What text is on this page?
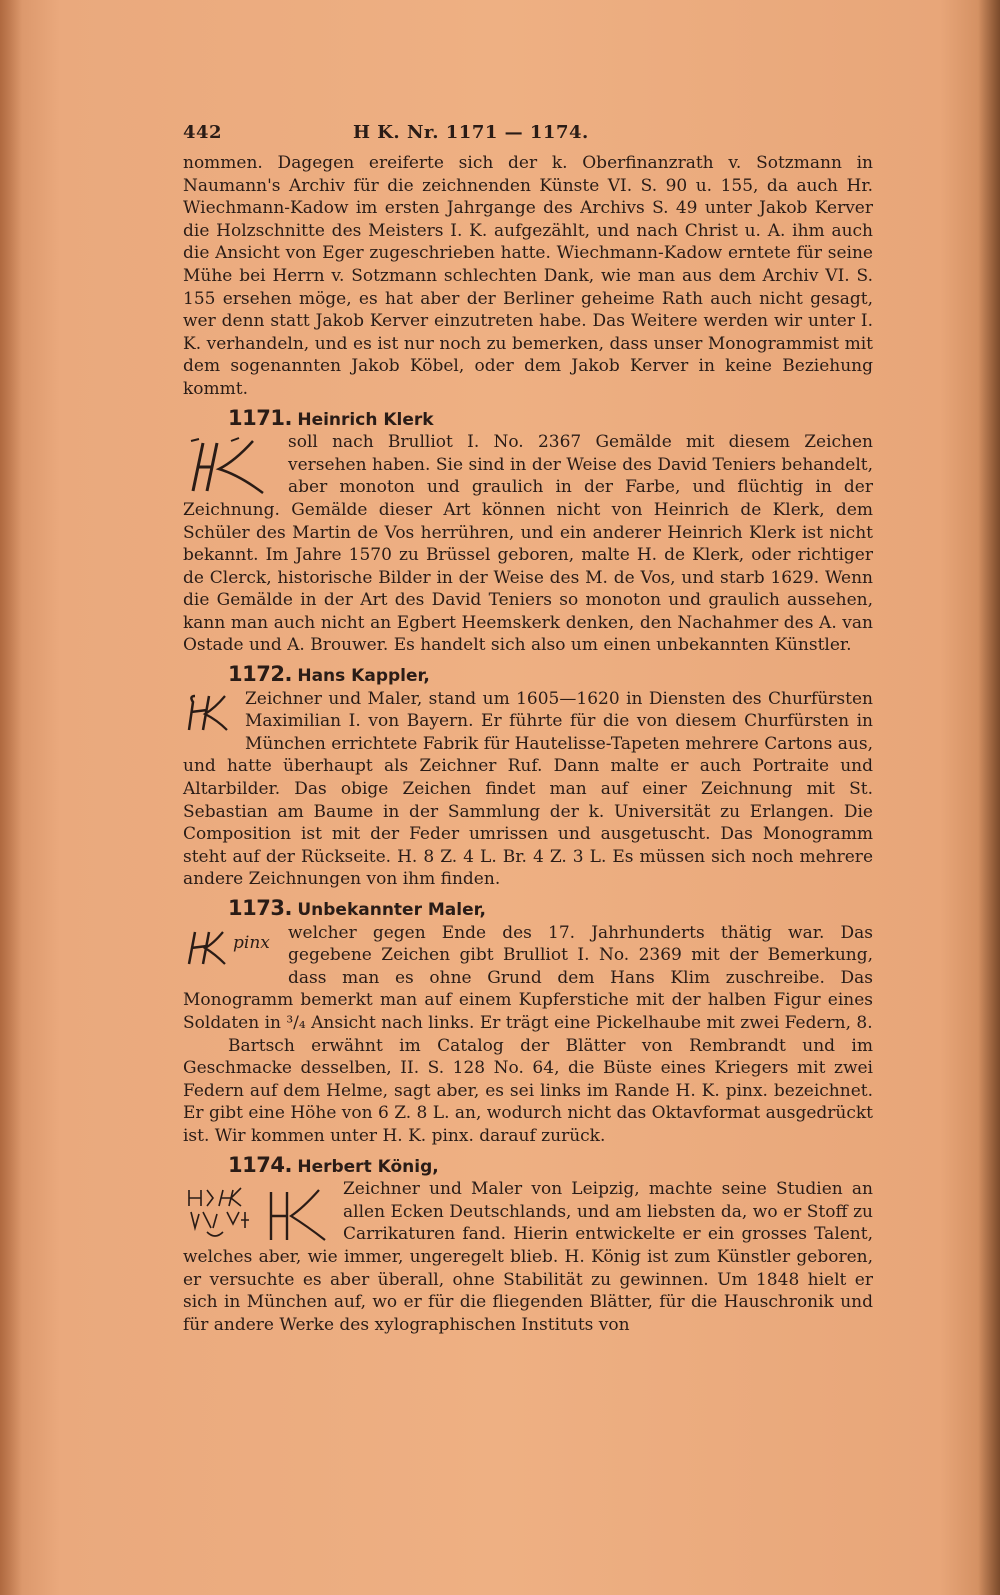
442	H K. Nr. 1171 — 1174.

nommen. Dagegen ereiferte sich der k. Oberfinanzrath v. Sotzmann in Naumann's Archiv für die zeichnenden Künste VI. S. 90 u. 155, da auch Hr. Wiechmann-Kadow im ersten Jahrgange des Archivs S. 49 unter Jakob Kerver die Holzschnitte des Meisters I. K. aufgezählt, und nach Christ u. A. ihm auch die Ansicht von Eger zugeschrieben hatte. Wiechmann-Kadow erntete für seine Mühe bei Herrn v. Sotzmann schlechten Dank, wie man aus dem Archiv VI. S. 155 ersehen möge, es hat aber der Berliner geheime Rath auch nicht gesagt, wer denn statt Jakob Kerver einzutreten habe. Das Weitere werden wir unter I. K. verhandeln, und es ist nur noch zu bemerken, dass unser Monogrammist mit dem sogenannten Jakob Köbel, oder dem Jakob Kerver in keine Beziehung kommt.

1171. Heinrich Klerk

soll nach Brulliot I. No. 2367 Gemälde mit diesem Zeichen versehen haben. Sie sind in der Weise des David Teniers behandelt, aber monoton und graulich in der Farbe, und flüchtig in der Zeichnung. Gemälde dieser Art können nicht von Heinrich de Klerk, dem Schüler des Martin de Vos herrühren, und ein anderer Heinrich Klerk ist nicht bekannt. Im Jahre 1570 zu Brüssel geboren, malte H. de Klerk, oder richtiger de Clerck, historische Bilder in der Weise des M. de Vos, und starb 1629. Wenn die Gemälde in der Art des David Teniers so monoton und graulich aussehen, kann man auch nicht an Egbert Heemskerk denken, den Nachahmer des A. van Ostade und A. Brouwer. Es handelt sich also um einen unbekannten Künstler.

1172. Hans Kappler,

Zeichner und Maler, stand um 1605—1620 in Diensten des Churfürsten Maximilian I. von Bayern. Er führte für die von diesem Churfürsten in München errichtete Fabrik für Hautelisse-Tapeten mehrere Cartons aus, und hatte überhaupt als Zeichner Ruf. Dann malte er auch Portraite und Altarbilder. Das obige Zeichen findet man auf einer Zeichnung mit St. Sebastian am Baume in der Sammlung der k. Universität zu Erlangen. Die Composition ist mit der Feder umrissen und ausgetuscht. Das Monogramm steht auf der Rückseite. H. 8 Z. 4 L. Br. 4 Z. 3 L. Es müssen sich noch mehrere andere Zeichnungen von ihm finden.

1173. Unbekannter Maler,
pinx	welcher gegen Ende des 17. Jahrhunderts thätig war. Das gegebene Zeichen gibt Brulliot I. No. 2369 mit der Bemerkung, dass man es ohne Grund dem Hans Klim zuschreibe. Das Monogramm bemerkt man auf einem Kupferstiche mit der halben Figur eines Soldaten in ³/₄ Ansicht nach links. Er trägt eine Pickelhaube mit zwei Federn, 8.

Bartsch erwähnt im Catalog der Blätter von Rembrandt und im Geschmacke desselben, II. S. 128 No. 64, die Büste eines Kriegers mit zwei Federn auf dem Helme, sagt aber, es sei links im Rande H. K. pinx. bezeichnet. Er gibt eine Höhe von 6 Z. 8 L. an, wodurch nicht das Oktavformat ausgedrückt ist. Wir kommen unter H. K. pinx. darauf zurück.

1174. Herbert König,

Zeichner und Maler von Leipzig, machte seine Studien an allen Ecken Deutschlands, und am liebsten da, wo er Stoff zu Carrikaturen fand. Hierin entwickelte er ein grosses Talent, welches aber, wie immer, ungeregelt blieb. H. König ist zum Künstler geboren, er versuchte es aber überall, ohne Stabilität zu gewinnen. Um 1848 hielt er sich in München auf, wo er für die fliegenden Blätter, für die Hauschronik und für andere Werke des xylographischen Instituts von
